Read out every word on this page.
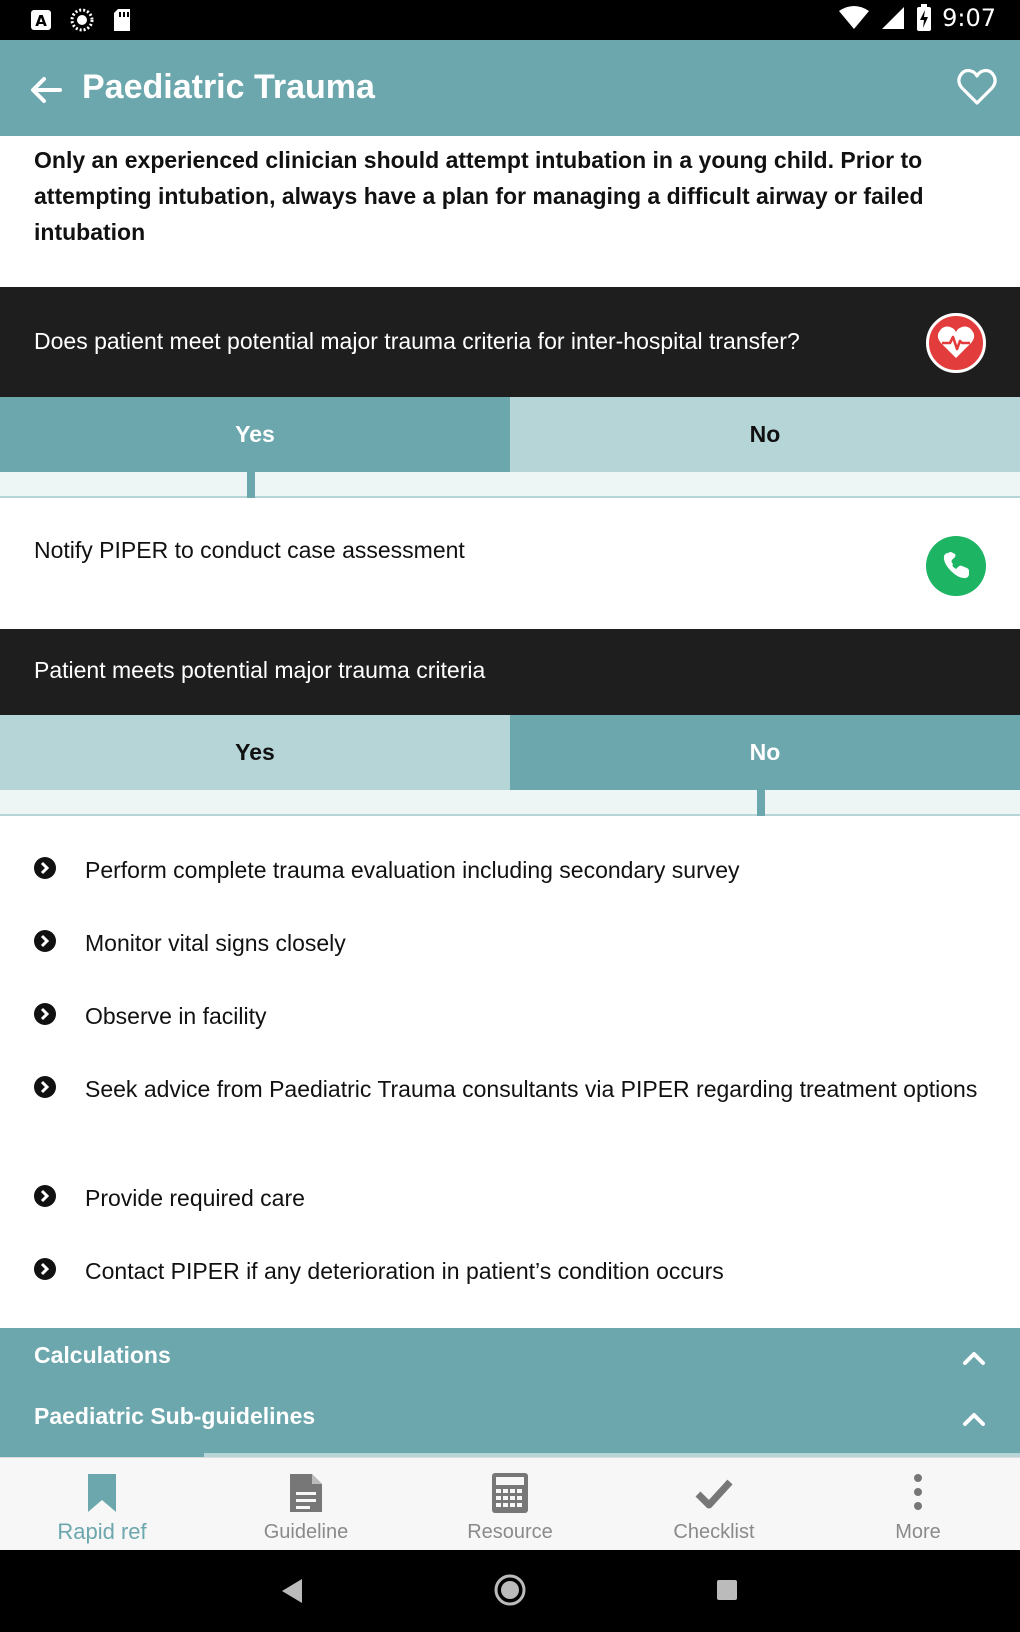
A	9:07
Paediatric Trauma
Only an experienced clinician should attempt intubation in a young child. Prior to attempting intubation, always have a plan for managing a difficult airway or failed intubation
Does patient meet potential major trauma criteria for inter-hospital transfer?
Yes	No
Notify PIPER to conduct case assessment
Patient meets potential major trauma criteria
Yes	No
Perform complete trauma evaluation including secondary survey
Monitor vital signs closely
Observe in facility
Seek advice from Paediatric Trauma consultants via PIPER regarding treatment options
Provide required care
Contact PIPER if any deterioration in patient’s condition occurs
Calculations
Paediatric Sub-guidelines
Rapid ref	Guideline	Resource	Checklist	More
